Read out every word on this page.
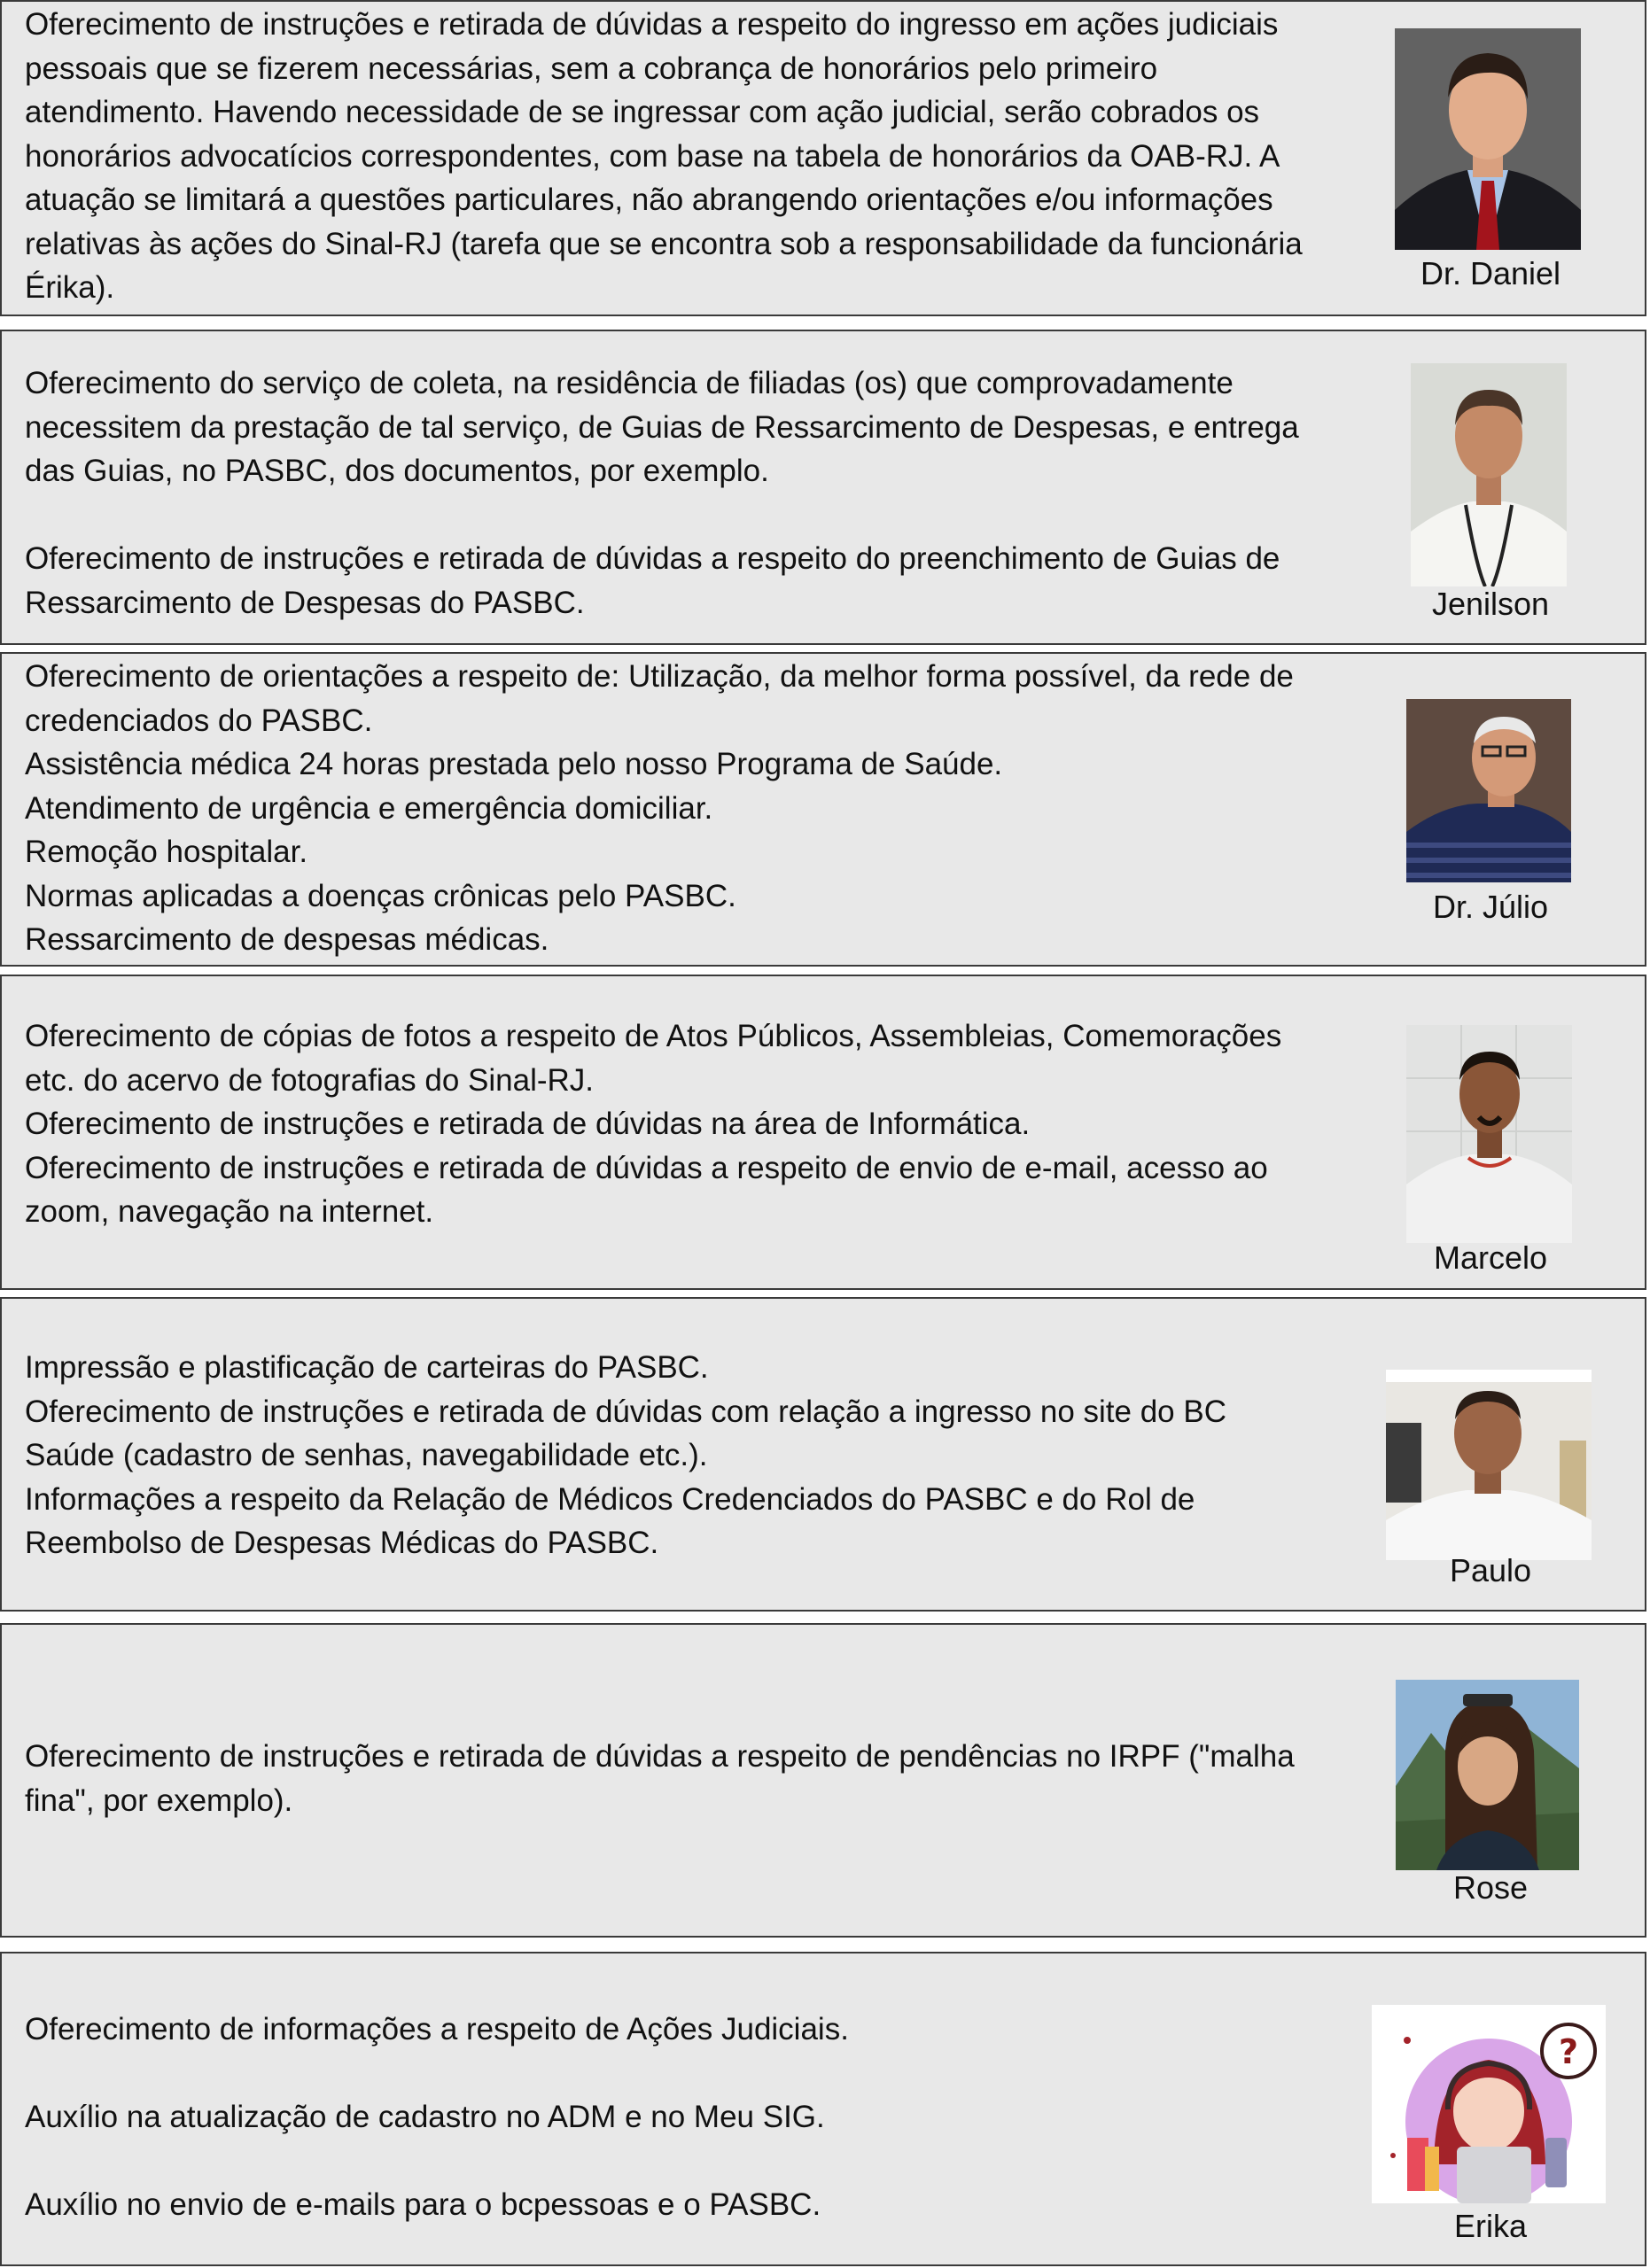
Oferecimento de instruções e retirada de dúvidas a respeito do ingresso em ações judiciais pessoais que se fizerem necessárias, sem a cobrança de honorários pelo primeiro atendimento. Havendo necessidade de se ingressar com ação judicial, serão cobrados os honorários advocatícios correspondentes, com base na tabela de honorários da OAB-RJ. A atuação se limitará a questões particulares, não abrangendo orientações e/ou informações relativas às ações do Sinal-RJ (tarefa que se encontra sob a responsabilidade da funcionária Érika).	Dr. Daniel

Oferecimento do serviço de coleta, na residência de filiadas (os) que comprovadamente necessitem da prestação de tal serviço, de Guias de Ressarcimento de Despesas, e entrega das Guias, no PASBC, dos documentos, por exemplo.

Oferecimento de instruções e retirada de dúvidas a respeito do preenchimento de Guias de Ressarcimento de Despesas do PASBC.	Jenilson

Oferecimento de orientações a respeito de: Utilização, da melhor forma possível, da rede de credenciados do PASBC.

Assistência médica 24 horas prestada pelo nosso Programa de Saúde.

Atendimento de urgência e emergência domiciliar.

Remoção hospitalar.

Normas aplicadas a doenças crônicas pelo PASBC.

Ressarcimento de despesas médicas.

Dr. Júlio

Oferecimento de cópias de fotos a respeito de Atos Públicos, Assembleias, Comemorações etc. do acervo de fotografias do Sinal-RJ.

Oferecimento de instruções e retirada de dúvidas na área de Informática.

Oferecimento de instruções e retirada de dúvidas a respeito de envio de e-mail, acesso ao zoom, navegação na internet.

Marcelo

Impressão e plastificação de carteiras do PASBC.

Oferecimento de instruções e retirada de dúvidas com relação a ingresso no site do BC Saúde (cadastro de senhas, navegabilidade etc.).

Informações a respeito da Relação de Médicos Credenciados do PASBC e do Rol de Reembolso de Despesas Médicas do PASBC.

Paulo

Oferecimento de instruções e retirada de dúvidas a respeito de pendências no IRPF ("malha fina", por exemplo).

Rose

Oferecimento de informações a respeito de Ações Judiciais.

Auxílio na atualização de cadastro no ADM e no Meu SIG.

Auxílio no envio de e-mails para o bcpessoas e o PASBC.

?
Erika
